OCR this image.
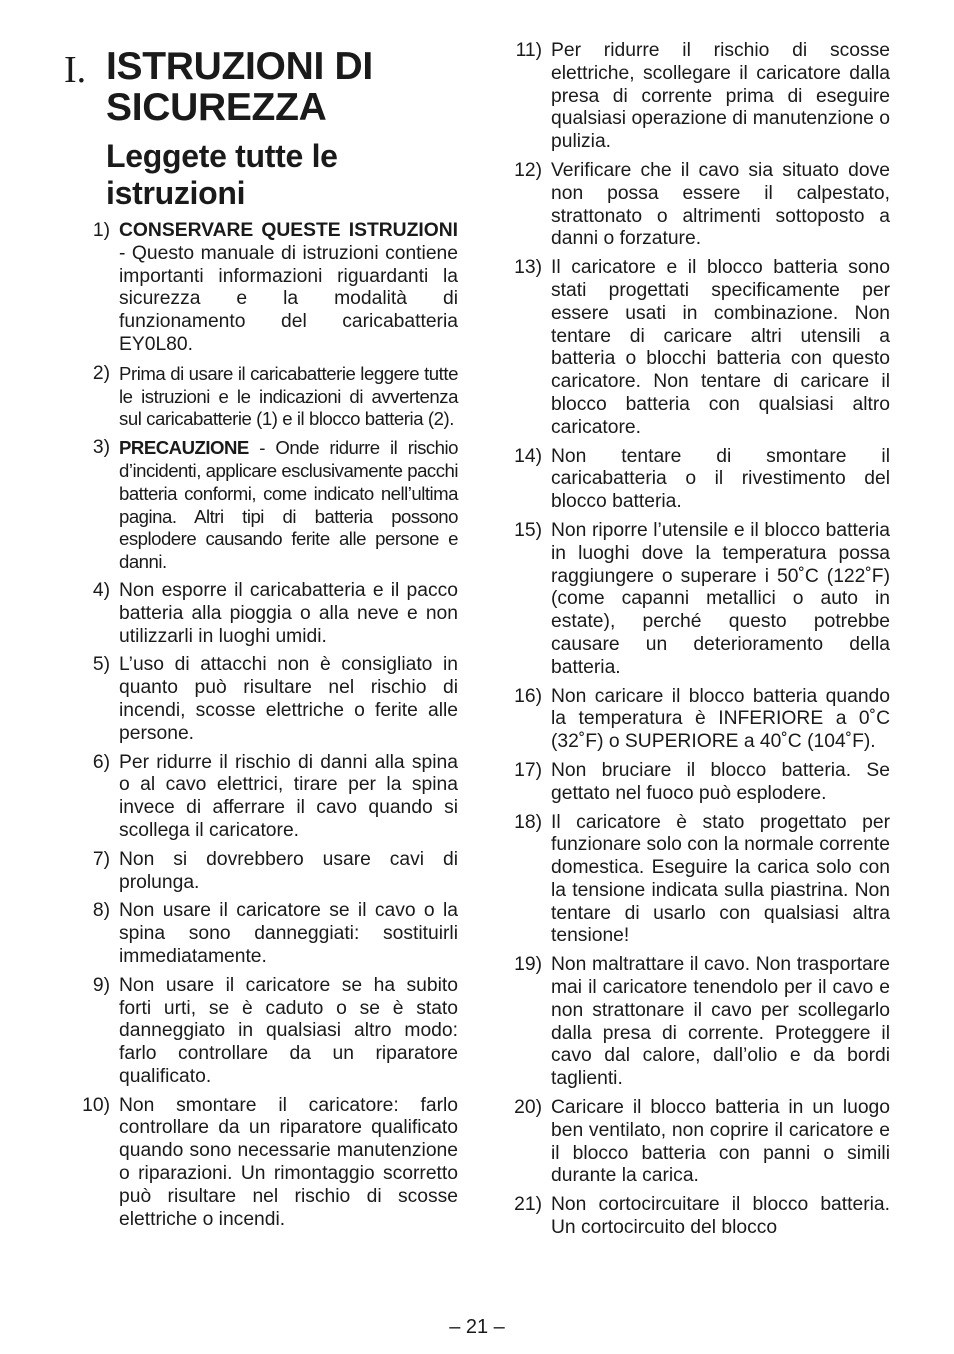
I. ISTRUZIONI DI SICUREZZA
Leggete tutte le istruzioni
1) CONSERVARE QUESTE ISTRUZIONI - Questo manuale di istruzioni contiene importanti informazioni riguardanti la sicurezza e la modalità di funzionamento del caricabatteria EY0L80.
2) Prima di usare il caricabatterie leggere tutte le istruzioni e le indicazioni di avvertenza sul caricabatterie (1) e il blocco batteria (2).
3) PRECAUZIONE - Onde ridurre il rischio d’incidenti, applicare esclusivamente pacchi batteria conformi, come indicato nell’ultima pagina. Altri tipi di batteria possono esplodere causando ferite alle persone e danni.
4) Non esporre il caricabatteria e il pacco batteria alla pioggia o alla neve e non utilizzarli in luoghi umidi.
5) L’uso di attacchi non è consigliato in quanto può risultare nel rischio di incendi, scosse elettriche o ferite alle persone.
6) Per ridurre il rischio di danni alla spina o al cavo elettrici, tirare per la spina invece di afferrare il cavo quando si scollega il caricatore.
7) Non si dovrebbero usare cavi di prolunga.
8) Non usare il caricatore se il cavo o la spina sono danneggiati: sostituirli immediatamente.
9) Non usare il caricatore se ha subito forti urti, se è caduto o se è stato danneggiato in qualsiasi altro modo: farlo controllare da un riparatore qualificato.
10) Non smontare il caricatore: farlo controllare da un riparatore qualificato quando sono necessarie manutenzione o riparazioni. Un rimontaggio scorretto può risultare nel rischio di scosse elettriche o incendi.
11) Per ridurre il rischio di scosse elettriche, scollegare il caricatore dalla presa di corrente prima di eseguire qualsiasi operazione di manutenzione o pulizia.
12) Verificare che il cavo sia situato dove non possa essere il calpestato, strattonato o altrimenti sottoposto a danni o forzature.
13) Il caricatore e il blocco batteria sono stati progettati specificamente per essere usati in combinazione. Non tentare di caricare altri utensili a batteria o blocchi batteria con questo caricatore. Non tentare di caricare il blocco batteria con qualsiasi altro caricatore.
14) Non tentare di smontare il caricabatteria o il rivestimento del blocco batteria.
15) Non riporre l’utensile e il blocco batteria in luoghi dove la temperatura possa raggiungere o superare i 50˚C (122˚F) (come capanni metallici o auto in estate), perché questo potrebbe causare un deterioramento della batteria.
16) Non caricare il blocco batteria quando la temperatura è INFERIORE a 0˚C (32˚F) o SUPERIORE a 40˚C (104˚F).
17) Non bruciare il blocco batteria. Se gettato nel fuoco può esplodere.
18) Il caricatore è stato progettato per funzionare solo con la normale corrente domestica. Eseguire la carica solo con la tensione indicata sulla piastrina. Non tentare di usarlo con qualsiasi altra tensione!
19) Non maltrattare il cavo. Non trasportare mai il caricatore tenendolo per il cavo e non strattonare il cavo per scollegarlo dalla presa di corrente. Proteggere il cavo dal calore, dall’olio e da bordi taglienti.
20) Caricare il blocco batteria in un luogo ben ventilato, non coprire il caricatore e il blocco batteria con panni o simili durante la carica.
21) Non cortocircuitare il blocco batteria. Un cortocircuito del blocco
– 21 –
